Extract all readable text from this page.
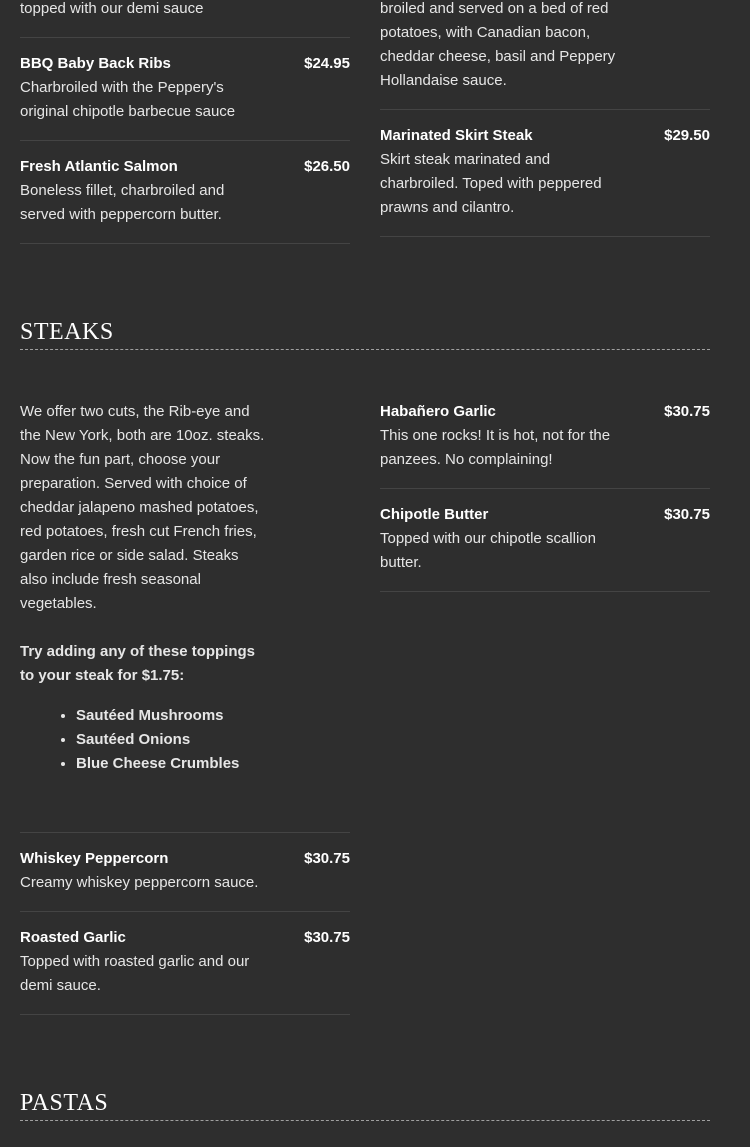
topped with our demi sauce	broiled and served on a bed of red
potatoes, with Canadian bacon,
cheddar cheese, basil and Peppery
Hollandaise sauce.
BBQ Baby Back Ribs	$24.95
Charbroiled with the Peppery's
original chipotle barbecue sauce
Fresh Atlantic Salmon	$26.50
Boneless fillet, charbroiled and
served with peppercorn butter.
Marinated Skirt Steak	$29.50
Skirt steak marinated and
charbroiled. Toped with peppered
prawns and cilantro.
STEAKS
We offer two cuts, the Rib-eye and
the New York, both are 10oz. steaks.
Now the fun part, choose your
preparation. Served with choice of
cheddar jalapeno mashed potatoes,
red potatoes, fresh cut French fries,
garden rice or side salad. Steaks
also include fresh seasonal
vegetables.
Try adding any of these toppings
to your steak for $1.75:
• Sautéed Mushrooms
• Sautéed Onions
• Blue Cheese Crumbles
Whiskey Peppercorn	$30.75
Creamy whiskey peppercorn sauce.
Roasted Garlic	$30.75
Topped with roasted garlic and our
demi sauce.
Habañero Garlic	$30.75
This one rocks! It is hot, not for the
panzees. No complaining!
Chipotle Butter	$30.75
Topped with our chipotle scallion
butter.
PASTAS
